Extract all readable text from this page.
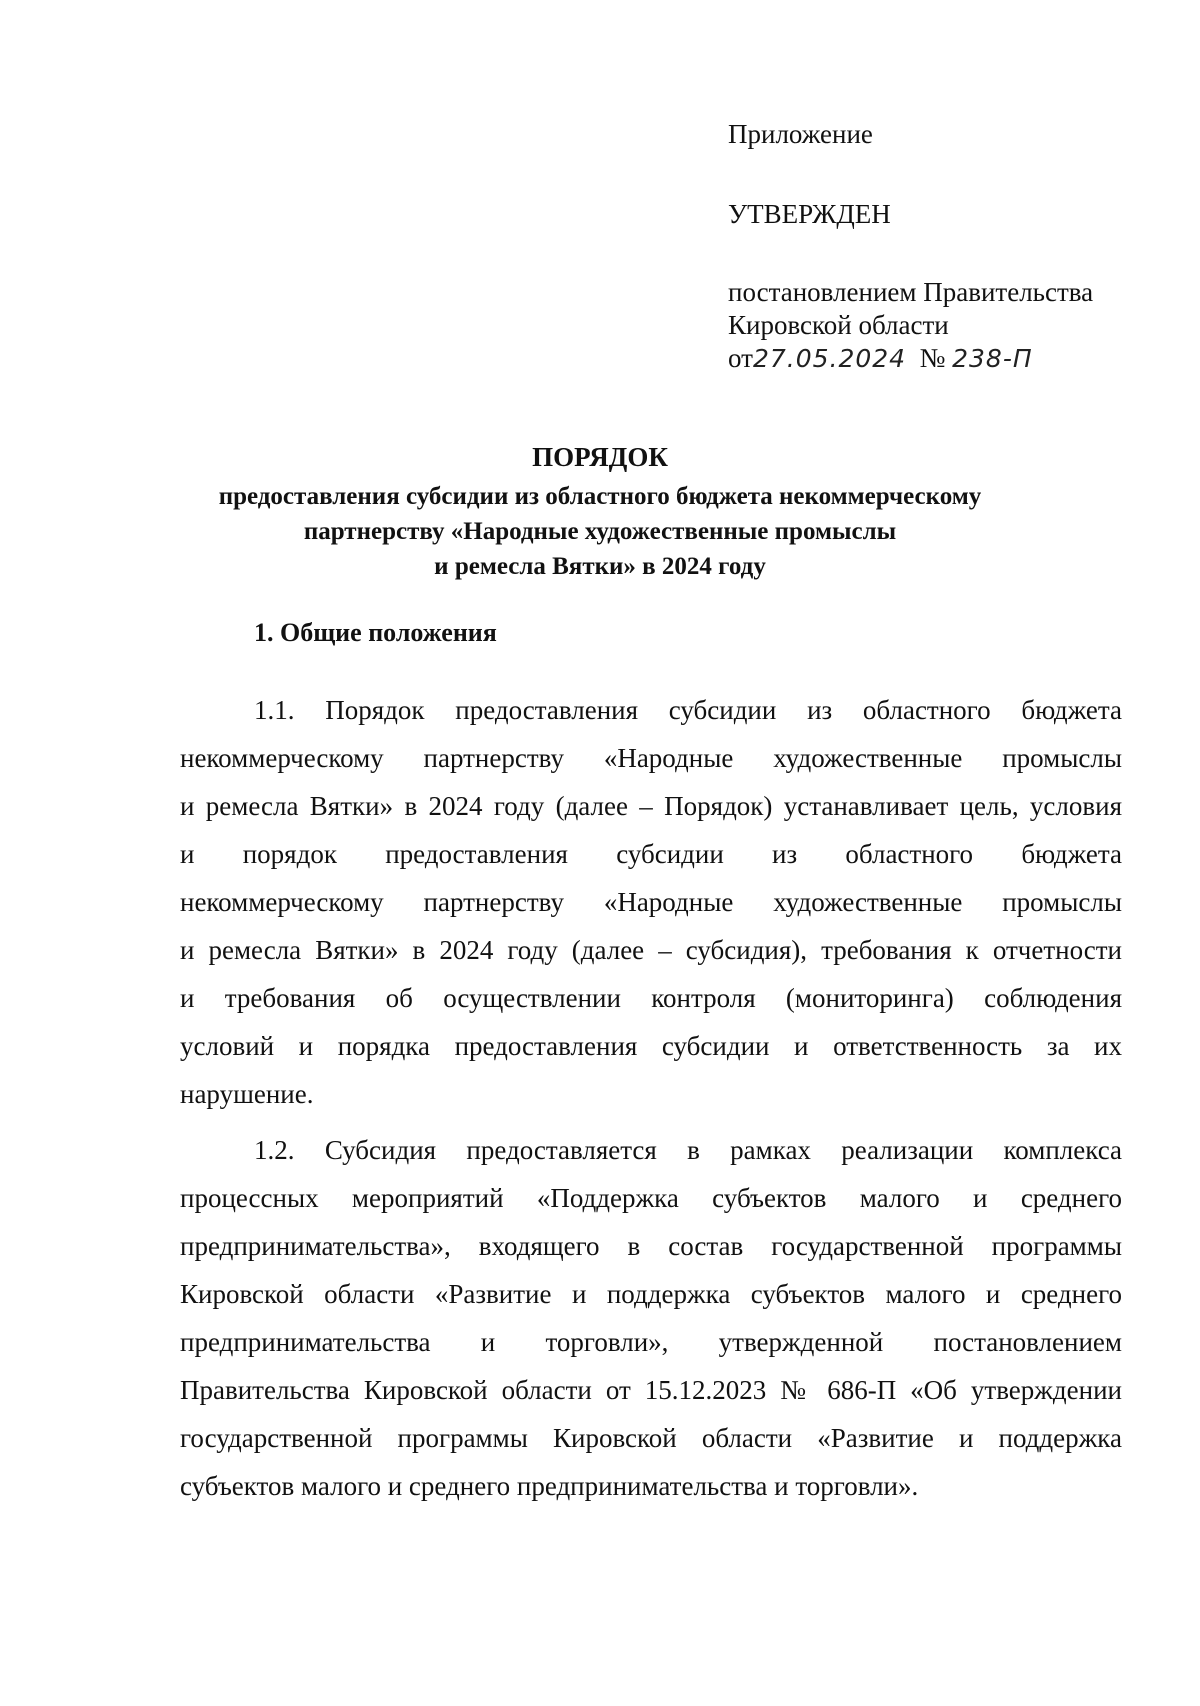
Приложение
УТВЕРЖДЕН
постановлением Правительства
Кировской области
от27.05.2024 № 238-П
ПОРЯДОК
предоставления субсидии из областного бюджета некоммерческому
партнерству «Народные художественные промыслы
и ремесла Вятки» в 2024 году
1. Общие положения
1.1. Порядок предоставления субсидии из областного бюджета
некоммерческому партнерству «Народные художественные промыслы
и ремесла Вятки» в 2024 году (далее – Порядок) устанавливает цель, условия
и порядок предоставления субсидии из областного бюджета
некоммерческому партнерству «Народные художественные промыслы
и ремесла Вятки» в 2024 году (далее – субсидия), требования к отчетности
и требования об осуществлении контроля (мониторинга) соблюдения
условий и порядка предоставления субсидии и ответственность за их
нарушение.
1.2. Субсидия предоставляется в рамках реализации комплекса
процессных мероприятий «Поддержка субъектов малого и среднего
предпринимательства», входящего в состав государственной программы
Кировской области «Развитие и поддержка субъектов малого и среднего
предпринимательства и торговли», утвержденной постановлением
Правительства Кировской области от 15.12.2023 № 686-П «Об утверждении
государственной программы Кировской области «Развитие и поддержка
субъектов малого и среднего предпринимательства и торговли».
